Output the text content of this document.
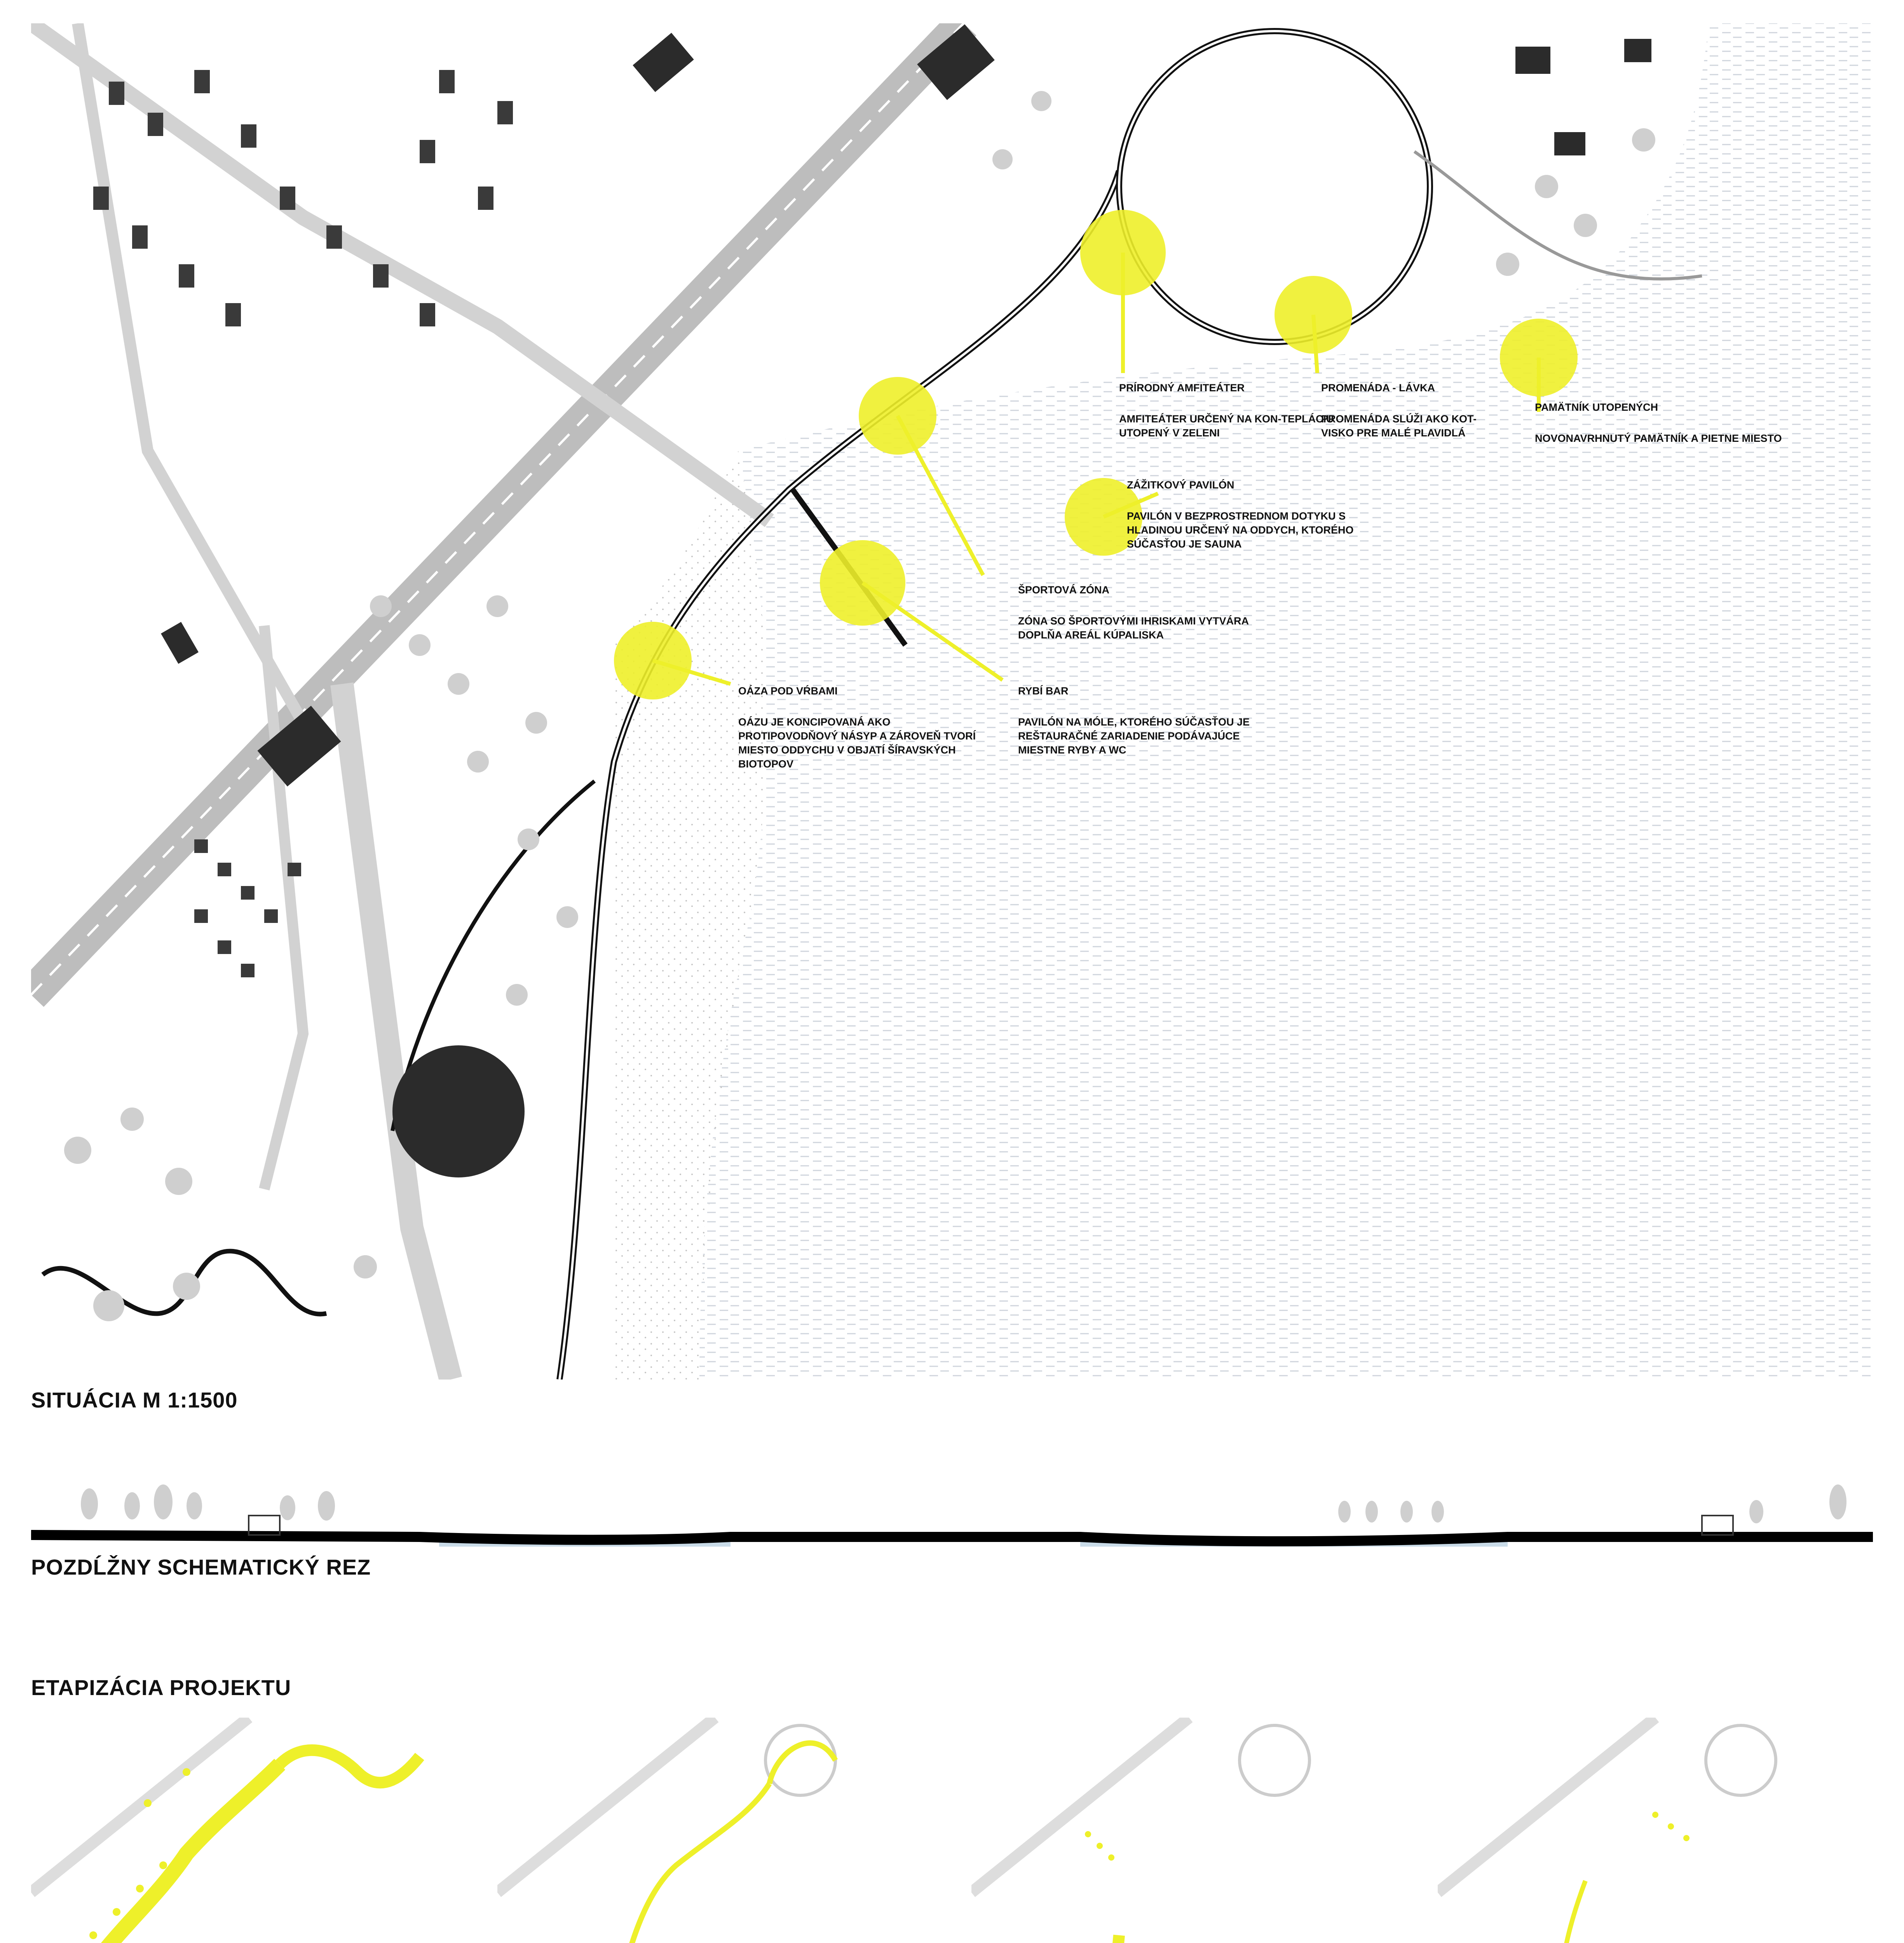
PRÍRODNÝ AMFITEÁTER
AMFITEÁTER URČENÝ NA KON-TEPLÁCIU UTOPENÝ V ZELENI
PROMENÁDA - LÁVKA
PROMENÁDA SLÚŽI AKO KOT-VISKO PRE MALÉ PLAVIDLÁ
PAMÄTNÍK UTOPENÝCH
NOVONAVRHNUTÝ PAMÄTNÍK A PIETNE MIESTO
ZÁŽITKOVÝ PAVILÓN
PAVILÓN V BEZPROSTREDNOM DOTYKU S HLADINOU URČENÝ NA ODDYCH, KTORÉHO SÚČASŤOU JE SAUNA
ŠPORTOVÁ ZÓNA
ZÓNA SO ŠPORTOVÝMI IHRISKAMI VYTVÁRA DOPLŇA AREÁL KÚPALISKA
RYBÍ BAR
PAVILÓN NA MÓLE, KTORÉHO SÚČASŤOU JE REŠTAURAČNÉ ZARIADENIE PODÁVAJÚCE MIESTNE RYBY A WC
OÁZA POD VŔBAMI
OÁZU JE KONCIPOVANÁ AKO PROTIPOVODŇOVÝ NÁSYP A ZÁROVEŇ TVORÍ MIESTO ODDYCHU V OBJATÍ ŠÍRAVSKÝCH BIOTOPOV
SITUÁCIA M 1:1500
POZDĹŽNY SCHEMATICKÝ REZ
ETAPIZÁCIA PROJEKTU
